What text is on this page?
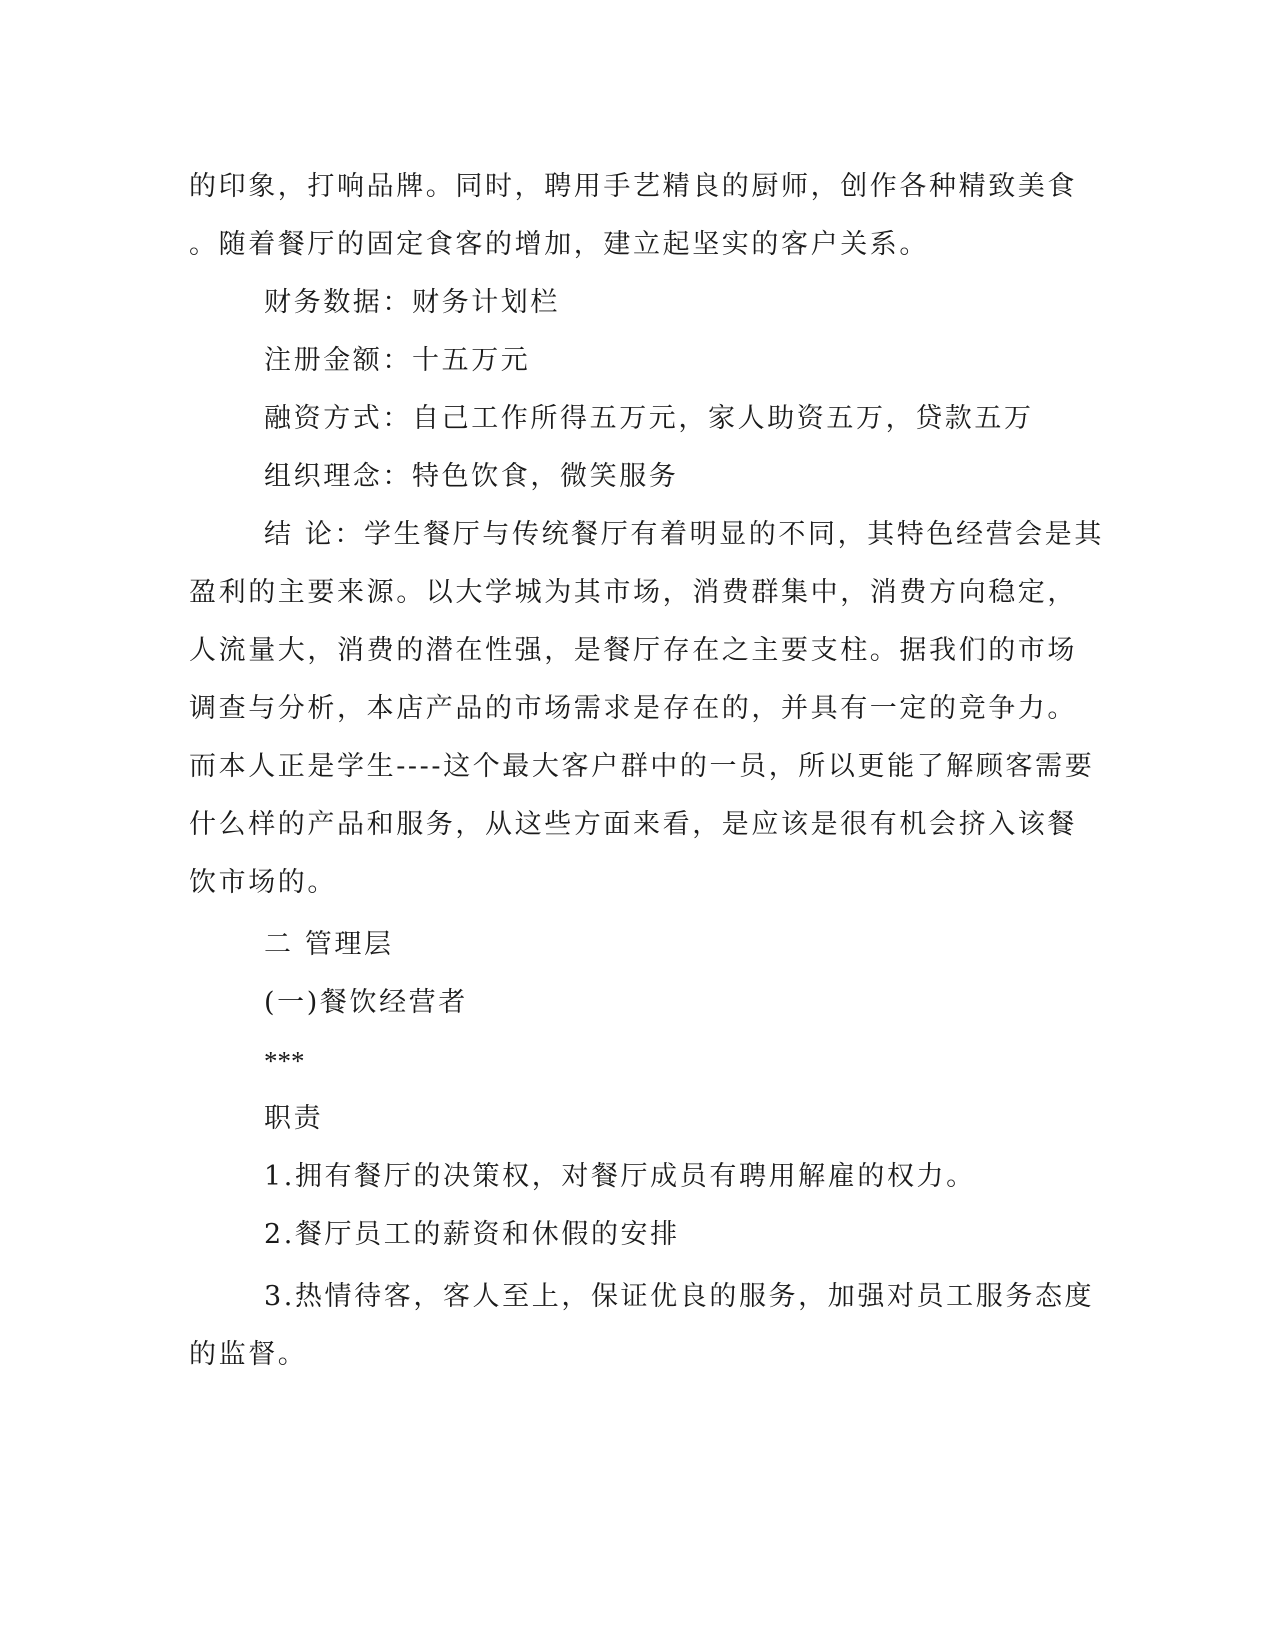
的印象，打响品牌。同时，聘用手艺精良的厨师，创作各种精致美食
。随着餐厅的固定食客的增加，建立起坚实的客户关系。
财务数据：财务计划栏
注册金额：十五万元
融资方式：自己工作所得五万元，家人助资五万，贷款五万
组织理念：特色饮食，微笑服务
结 论：学生餐厅与传统餐厅有着明显的不同，其特色经营会是其
盈利的主要来源。以大学城为其市场，消费群集中，消费方向稳定，
人流量大，消费的潜在性强，是餐厅存在之主要支柱。据我们的市场
调查与分析，本店产品的市场需求是存在的，并具有一定的竞争力。
而本人正是学生----这个最大客户群中的一员，所以更能了解顾客需要
什么样的产品和服务，从这些方面来看，是应该是很有机会挤入该餐
饮市场的。
二 管理层
(一)餐饮经营者
***
职责
1.拥有餐厅的决策权，对餐厅成员有聘用解雇的权力。
2.餐厅员工的薪资和休假的安排
3.热情待客，客人至上，保证优良的服务，加强对员工服务态度
的监督。
